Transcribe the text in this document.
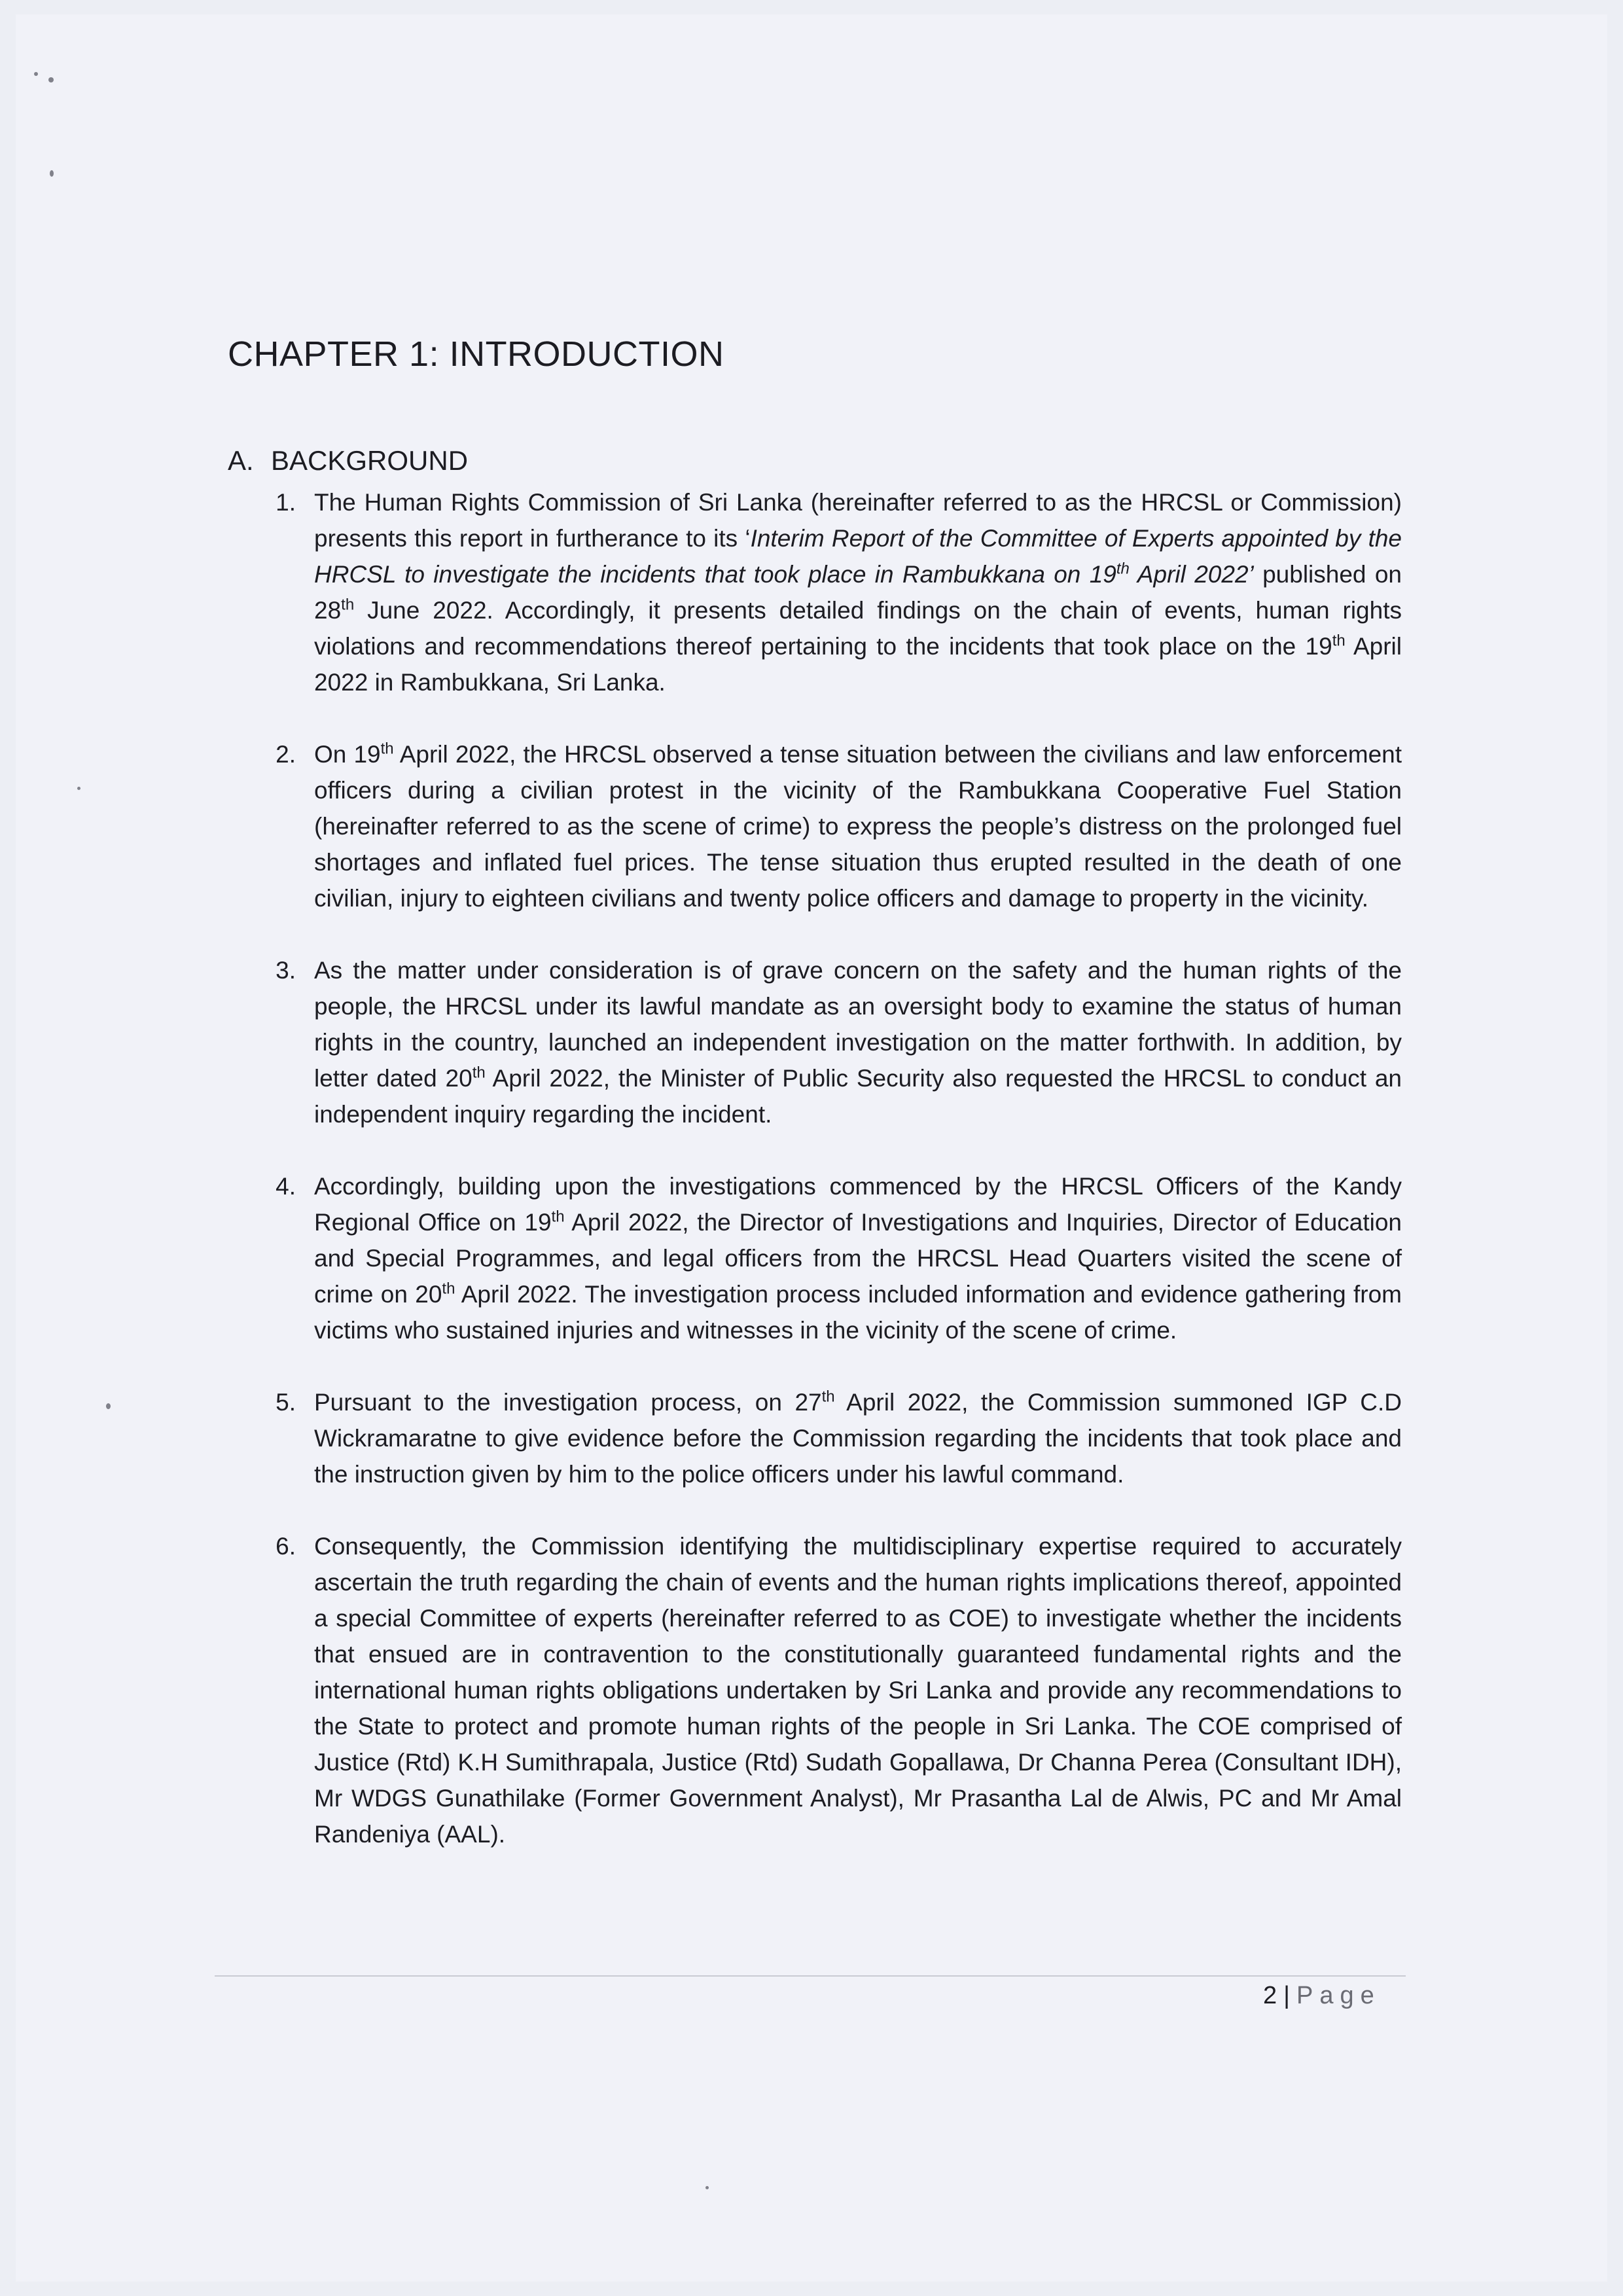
CHAPTER 1: INTRODUCTION
A. BACKGROUND
1. The Human Rights Commission of Sri Lanka (hereinafter referred to as the HRCSL or Commission) presents this report in furtherance to its ‘Interim Report of the Committee of Experts appointed by the HRCSL to investigate the incidents that took place in Rambukkana on 19th April 2022’ published on 28th June 2022. Accordingly, it presents detailed findings on the chain of events, human rights violations and recommendations thereof pertaining to the incidents that took place on the 19th April 2022 in Rambukkana, Sri Lanka.
2. On 19th April 2022, the HRCSL observed a tense situation between the civilians and law enforcement officers during a civilian protest in the vicinity of the Rambukkana Cooperative Fuel Station (hereinafter referred to as the scene of crime) to express the people’s distress on the prolonged fuel shortages and inflated fuel prices. The tense situation thus erupted resulted in the death of one civilian, injury to eighteen civilians and twenty police officers and damage to property in the vicinity.
3. As the matter under consideration is of grave concern on the safety and the human rights of the people, the HRCSL under its lawful mandate as an oversight body to examine the status of human rights in the country, launched an independent investigation on the matter forthwith. In addition, by letter dated 20th April 2022, the Minister of Public Security also requested the HRCSL to conduct an independent inquiry regarding the incident.
4. Accordingly, building upon the investigations commenced by the HRCSL Officers of the Kandy Regional Office on 19th April 2022, the Director of Investigations and Inquiries, Director of Education and Special Programmes, and legal officers from the HRCSL Head Quarters visited the scene of crime on 20th April 2022. The investigation process included information and evidence gathering from victims who sustained injuries and witnesses in the vicinity of the scene of crime.
5. Pursuant to the investigation process, on 27th April 2022, the Commission summoned IGP C.D Wickramaratne to give evidence before the Commission regarding the incidents that took place and the instruction given by him to the police officers under his lawful command.
6. Consequently, the Commission identifying the multidisciplinary expertise required to accurately ascertain the truth regarding the chain of events and the human rights implications thereof, appointed a special Committee of experts (hereinafter referred to as COE) to investigate whether the incidents that ensued are in contravention to the constitutionally guaranteed fundamental rights and the international human rights obligations undertaken by Sri Lanka and provide any recommendations to the State to protect and promote human rights of the people in Sri Lanka. The COE comprised of Justice (Rtd) K.H Sumithrapala, Justice (Rtd) Sudath Gopallawa, Dr Channa Perea (Consultant IDH), Mr WDGS Gunathilake (Former Government Analyst), Mr Prasantha Lal de Alwis, PC and Mr Amal Randeniya (AAL).
2 | Page
